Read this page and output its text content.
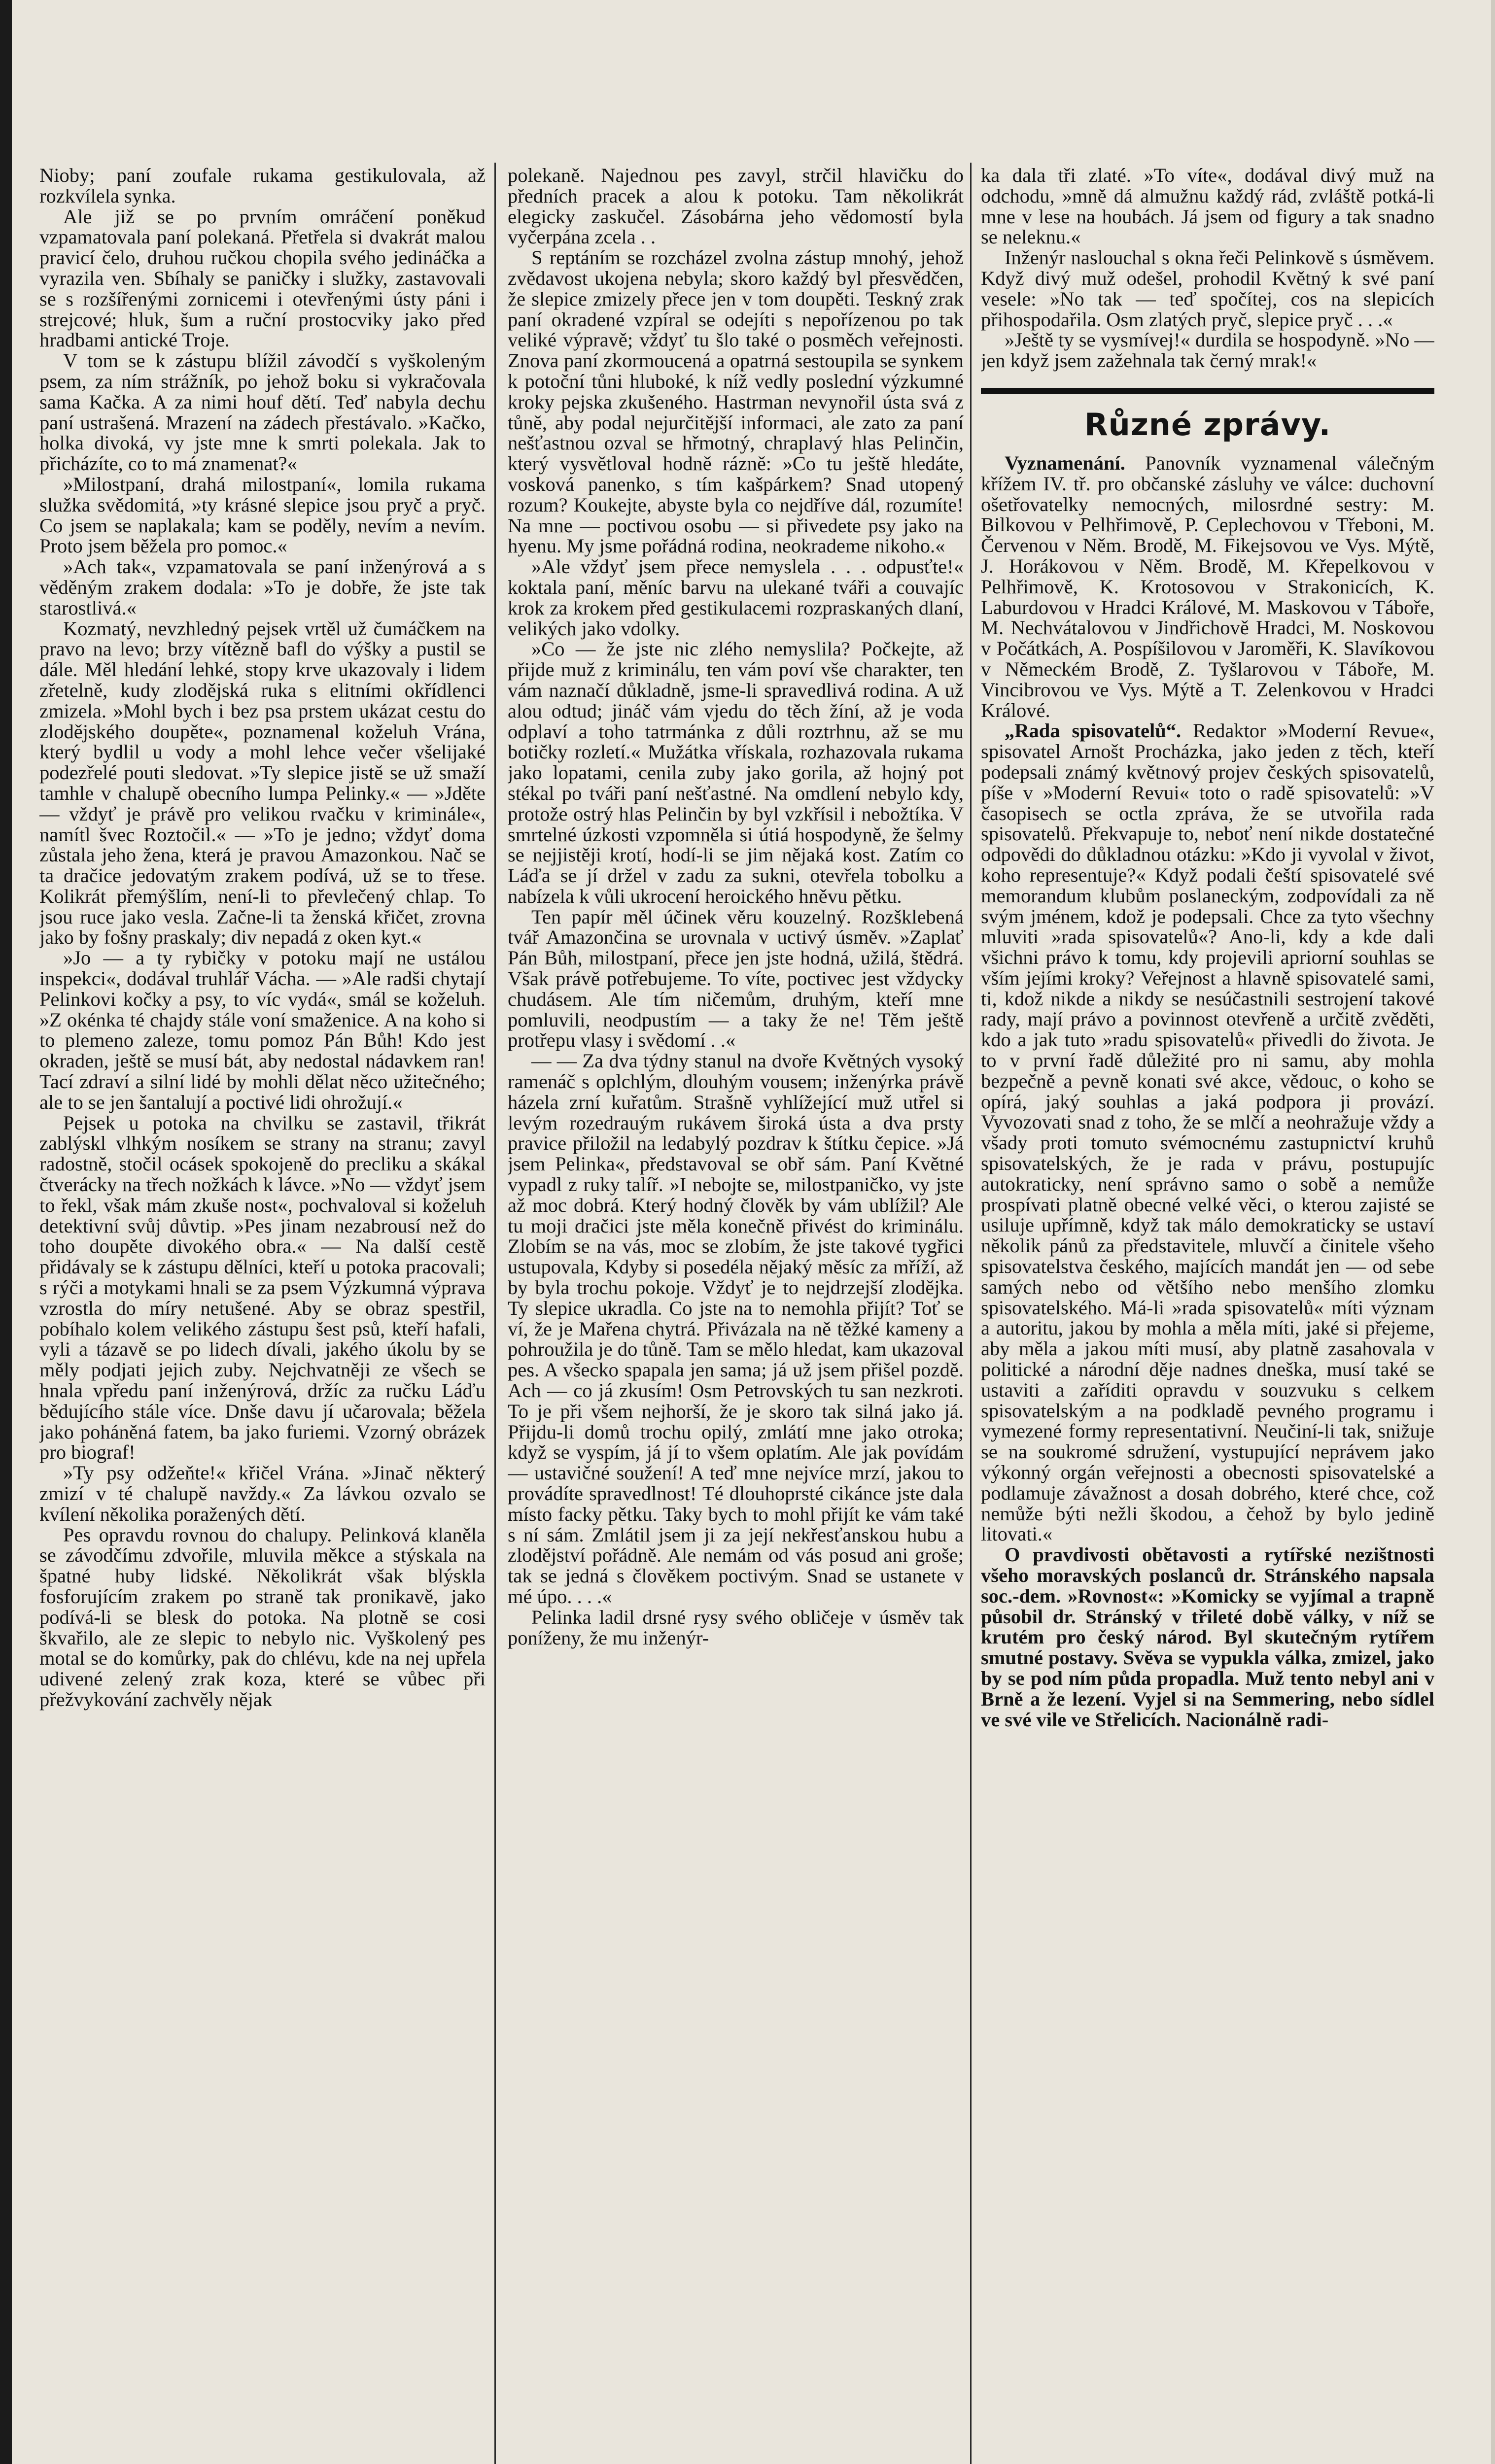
Nioby; paní zoufale rukama gestikulovala, až rozkvílela synka.

Ale již se po prvním omráčení poněkud vzpamatovala paní polekaná. Přetřela si dvakrát malou pravicí čelo, druhou ručkou chopila svého jedináčka a vyrazila ven. Sbíhaly se paničky i služky, zastavovali se s rozšířenými zornicemi i otevřenými ústy páni i strejcové; hluk, šum a ruční prostocviky jako před hradbami antické Troje.

V tom se k zástupu blížil závodčí s vyškoleným psem, za ním strážník, po jehož boku si vykračovala sama Kačka. A za nimi houf dětí. Teď nabyla dechu paní ustrašená. Mrazení na zádech přestávalo. »Kačko, holka divoká, vy jste mne k smrti polekala. Jak to přicházíte, co to má znamenat?«

»Milostpaní, drahá milostpaní«, lomila rukama služka svědomitá, »ty krásné slepice jsou pryč a pryč. Co jsem se naplakala; kam se poděly, nevím a nevím. Proto jsem běžela pro pomoc.«

»Ach tak«, vzpamatovala se paní inženýrová a s věděným zrakem dodala: »To je dobře, že jste tak starostlivá.«

Kozmatý, nevzhledný pejsek vrtěl už čumáčkem na pravo na levo; brzy vítězně bafl do výšky a pustil se dále. Měl hledání lehké, stopy krve ukazovaly i lidem zřetelně, kudy zlodějská ruka s elitními okřídlenci zmizela. »Mohl bych i bez psa prstem ukázat cestu do zlodějského doupěte«, poznamenal koželuh Vrána, který bydlil u vody a mohl lehce večer všelijaké podezřelé pouti sledovat. »Ty slepice jistě se už smaží tamhle v chalupě obecního lumpa Pelinky.« — »Jděte — vždyť je právě pro velikou rvačku v kriminále«, namítl švec Roztočil.« — »To je jedno; vždyť doma zůstala jeho žena, která je pravou Amazonkou. Nač se ta dračice jedovatým zrakem podívá, už se to třese. Kolikrát přemýšlím, není-li to převlečený chlap. To jsou ruce jako vesla. Začne-li ta ženská křičet, zrovna jako by fošny praskaly; div nepadá z oken kyt.«

»Jo — a ty rybičky v potoku mají ne ustálou inspekci«, dodával truhlář Vácha. — »Ale radši chytají Pelinkovi kočky a psy, to víc vydá«, smál se koželuh. »Z okénka té chajdy stále voní smaženice. A na koho si to plemeno zaleze, tomu pomoz Pán Bůh! Kdo jest okraden, ještě se musí bát, aby nedostal nádavkem ran! Tací zdraví a silní lidé by mohli dělat něco užitečného; ale to se jen šantalují a poctivé lidi ohrožují.«

Pejsek u potoka na chvilku se zastavil, třikrát zablýskl vlhkým nosíkem se strany na stranu; zavyl radostně, stočil ocásek spokojeně do precliku a skákal čtverácky na třech nožkách k lávce. »No — vždyť jsem to řekl, však mám zkuše nost«, pochvaloval si koželuh detektivní svůj důvtip. »Pes jinam nezabrousí než do toho doupěte divokého obra.« — Na další cestě přidávaly se k zástupu dělníci, kteří u potoka pracovali; s rýči a motykami hnali se za psem Výzkumná výprava vzrostla do míry netušené. Aby se obraz spestřil, pobíhalo kolem velikého zástupu šest psů, kteří hafali, vyli a tázavě se po lidech dívali, jakého úkolu by se měly podjati jejich zuby. Nejchvatněji ze všech se hnala vpředu paní inženýrová, držíc za ručku Láďu bědujícího stále více. Dnše davu jí učarovala; běžela jako poháněná fatem, ba jako furiemi. Vzorný obrázek pro biograf!

»Ty psy odžeňte!« křičel Vrána. »Jinač některý zmizí v té chalupě navždy.« Za lávkou ozvalo se kvílení několika poražených dětí.

Pes opravdu rovnou do chalupy. Pelinková klaněla se závodčímu zdvořile, mluvila měkce a stýskala na špatné huby lidské. Několikrát však blýskla fosforujícím zrakem po straně tak pronikavě, jako podívá-li se blesk do potoka. Na plotně se cosi škvařilo, ale ze slepic to nebylo nic. Vyškolený pes motal se do komůrky, pak do chlévu, kde na nej upřela udivené zelený zrak koza, které se vůbec při přežvykování zachvěly nějak

polekaně. Najednou pes zavyl, strčil hlavičku do předních pracek a alou k potoku. Tam několikrát elegicky zaskučel. Zásobárna jeho vědomostí byla vyčerpána zcela . .

S reptáním se rozcházel zvolna zástup mnohý, jehož zvědavost ukojena nebyla; skoro každý byl přesvědčen, že slepice zmizely přece jen v tom doupěti. Teskný zrak paní okradené vzpíral se odejíti s nepořízenou po tak veliké výpravě; vždyť tu šlo také o posměch veřejnosti. Znova paní zkormoucená a opatrná sestoupila se synkem k potoční tůni hluboké, k níž vedly poslední výzkumné kroky pejska zkušeného. Hastrman nevynořil ústa svá z tůně, aby podal nejurčitější informaci, ale zato za paní nešťastnou ozval se hřmotný, chraplavý hlas Pelinčin, který vysvětloval hodně rázně: »Co tu ještě hledáte, vosková panenko, s tím kašpárkem? Snad utopený rozum? Koukejte, abyste byla co nejdříve dál, rozumíte! Na mne — poctivou osobu — si přivedete psy jako na hyenu. My jsme pořádná rodina, neokrademe nikoho.«

»Ale vždyť jsem přece nemyslela . . . odpusťte!« koktala paní, měníc barvu na ulekané tváři a couvajíc krok za krokem před gestikulacemi rozpraskaných dlaní, velikých jako vdolky.

»Co — že jste nic zlého nemyslila? Počkejte, až přijde muž z kriminálu, ten vám poví vše charakter, ten vám naznačí důkladně, jsme-li spravedlivá rodina. A už alou odtud; jináč vám vjedu do těch žíní, až je voda odplaví a toho tatrmánka z důli roztrhnu, až se mu botičky rozletí.« Mužátka vřískala, rozhazovala rukama jako lopatami, cenila zuby jako gorila, až hojný pot stékal po tváři paní nešťastné. Na omdlení nebylo kdy, protože ostrý hlas Pelinčin by byl vzkřísil i nebožtíka. V smrtelné úzkosti vzpomněla si útiá hospodyně, že šelmy se nejjistěji krotí, hodí-li se jim nějaká kost. Zatím co Láďa se jí držel v zadu za sukni, otevřela tobolku a nabízela k vůli ukrocení heroického hněvu pětku.

Ten papír měl účinek věru kouzelný. Rozšklebená tvář Amazončina se urovnala v uctivý úsměv. »Zaplať Pán Bůh, milostpaní, přece jen jste hodná, užilá, štědrá. Však právě potřebujeme. To víte, poctivec jest vždycky chudásem. Ale tím ničemům, druhým, kteří mne pomluvili, neodpustím — a taky že ne! Těm ještě protřepu vlasy i svědomí . .«

— — Za dva týdny stanul na dvoře Květných vysoký ramenáč s oplchlým, dlouhým vousem; inženýrka právě házela zrní kuřatům. Strašně vyhlížející muž utřel si levým rozedrauým rukávem široká ústa a dva prsty pravice přiložil na ledabylý pozdrav k štítku čepice. »Já jsem Pelinka«, představoval se obř sám. Paní Květné vypadl z ruky talíř. »I nebojte se, milostpaničko, vy jste až moc dobrá. Který hodný člověk by vám ublížil? Ale tu moji dračici jste měla konečně přivést do kriminálu. Zlobím se na vás, moc se zlobím, že jste takové tygřici ustupovala, Kdyby si posedéla nějaký měsíc za mříží, až by byla trochu pokoje. Vždyť je to nejdrzejší zlodějka. Ty slepice ukradla. Co jste na to nemohla přijít? Toť se ví, že je Mařena chytrá. Přivázala na ně těžké kameny a pohroužila je do tůně. Tam se mělo hledat, kam ukazoval pes. A všecko spapala jen sama; já už jsem přišel pozdě. Ach — co já zkusím! Osm Petrovských tu san nezkroti. To je při všem nejhorší, že je skoro tak silná jako já. Přijdu-li domů trochu opilý, zmlátí mne jako otroka; když se vyspím, já jí to všem oplatím. Ale jak povídám — ustavičné soužení! A teď mne nejvíce mrzí, jakou to provádíte spravedlnost! Té dlouhoprsté cikánce jste dala místo facky pětku. Taky bych to mohl přijít ke vám také s ní sám. Zmlátil jsem ji za její nekřesťanskou hubu a zlodějství pořádně. Ale nemám od vás posud ani groše; tak se jedná s člověkem poctivým. Snad se ustanete v mé úpo. . . .«

Pelinka ladil drsné rysy svého obličeje v úsměv tak poníženy, že mu inženýr-

ka dala tři zlaté. »To víte«, dodával divý muž na odchodu, »mně dá almužnu každý rád, zvláště potká-li mne v lese na houbách. Já jsem od figury a tak snadno se neleknu.«

Inženýr naslouchal s okna řeči Pelinkově s úsměvem. Když divý muž odešel, prohodil Květný k své paní vesele: »No tak — teď spočítej, cos na slepicích přihospodařila. Osm zlatých pryč, slepice pryč . . .«

»Ještě ty se vysmívej!« durdila se hospodyně. »No — jen když jsem zažehnala tak černý mrak!«

Různé zprávy.

Vyznamenání. Panovník vyznamenal válečným křížem IV. tř. pro občanské zásluhy ve válce: duchovní ošetřovatelky nemocných, milosrdné sestry: M. Bilkovou v Pelhřimově, P. Ceplechovou v Třeboni, M. Červenou v Něm. Brodě, M. Fikejsovou ve Vys. Mýtě, J. Horákovou v Něm. Brodě, M. Křepelkovou v Pelhřimově, K. Krotosovou v Strakonicích, K. Laburdovou v Hradci Králové, M. Maskovou v Táboře, M. Nechvátalovou v Jindřichově Hradci, M. Noskovou v Počátkách, A. Pospíšilovou v Jaroměři, K. Slavíkovou v Německém Brodě, Z. Tyšlarovou v Táboře, M. Vincibrovou ve Vys. Mýtě a T. Zelenkovou v Hradci Králové.

„Rada spisovatelů“. Redaktor »Moderní Revue«, spisovatel Arnošt Procházka, jako jeden z těch, kteří podepsali známý květnový projev českých spisovatelů, píše v »Moderní Revui« toto o radě spisovatelů: »V časopisech se octla zpráva, že se utvořila rada spisovatelů. Překvapuje to, neboť není nikde dostatečné odpovědi do důkladnou otázku: »Kdo ji vyvolal v život, koho representuje?« Když podali čeští spisovatelé své memorandum klubům poslaneckým, zodpovídali za ně svým jménem, kdož je podepsali. Chce za tyto všechny mluviti »rada spisovatelů«? Ano-li, kdy a kde dali všichni právo k tomu, kdy projevili apriorní souhlas se vším jejími kroky? Veřejnost a hlavně spisovatelé sami, ti, kdož nikde a nikdy se nesúčastnili sestrojení takové rady, mají právo a povinnost otevřeně a určitě zvěděti, kdo a jak tuto »radu spisovatelů« přivedli do života. Je to v první řadě důležité pro ni samu, aby mohla bezpečně a pevně konati své akce, vědouc, o koho se opírá, jaký souhlas a jaká podpora ji provází. Vyvozovati snad z toho, že se mlčí a neohražuje vždy a všady proti tomuto svémocnému zastupnictví kruhů spisovatelských, že je rada v právu, postupujíc autokraticky, není správno samo o sobě a nemůže prospívati platně obecné velké věci, o kterou zajisté se usiluje upřímně, když tak málo demokraticky se ustaví několik pánů za představitele, mluvčí a činitele všeho spisovatelstva českého, majících mandát jen — od sebe samých nebo od většího nebo menšího zlomku spisovatelského. Má-li »rada spisovatelů« míti význam a autoritu, jakou by mohla a měla míti, jaké si přejeme, aby měla a jakou míti musí, aby platně zasahovala v politické a národní děje nadnes dneška, musí také se ustaviti a zaříditi opravdu v souzvuku s celkem spisovatelským a na podkladě pevného programu i vymezené formy representativní. Neučiní-li tak, snižuje se na soukromé sdružení, vystupující neprávem jako výkonný orgán veřejnosti a obecnosti spisovatelské a podlamuje závažnost a dosah dobrého, které chce, což nemůže býti nežli škodou, a čehož by bylo jedině litovati.«

O pravdivosti obětavosti a rytířské nezištnosti všeho moravských poslanců dr. Stránského napsala soc.-dem. »Rovnost«: »Komicky se vyjímal a trapně působil dr. Stránský v třileté době války, v níž se krutém pro český národ. Byl skutečným rytířem smutné postavy. Svěva se vypukla válka, zmizel, jako by se pod ním půda propadla. Muž tento nebyl ani v Brně a že lezení. Vyjel si na Semmering, nebo sídlel ve své vile ve Střelicích. Nacionálně radi-
